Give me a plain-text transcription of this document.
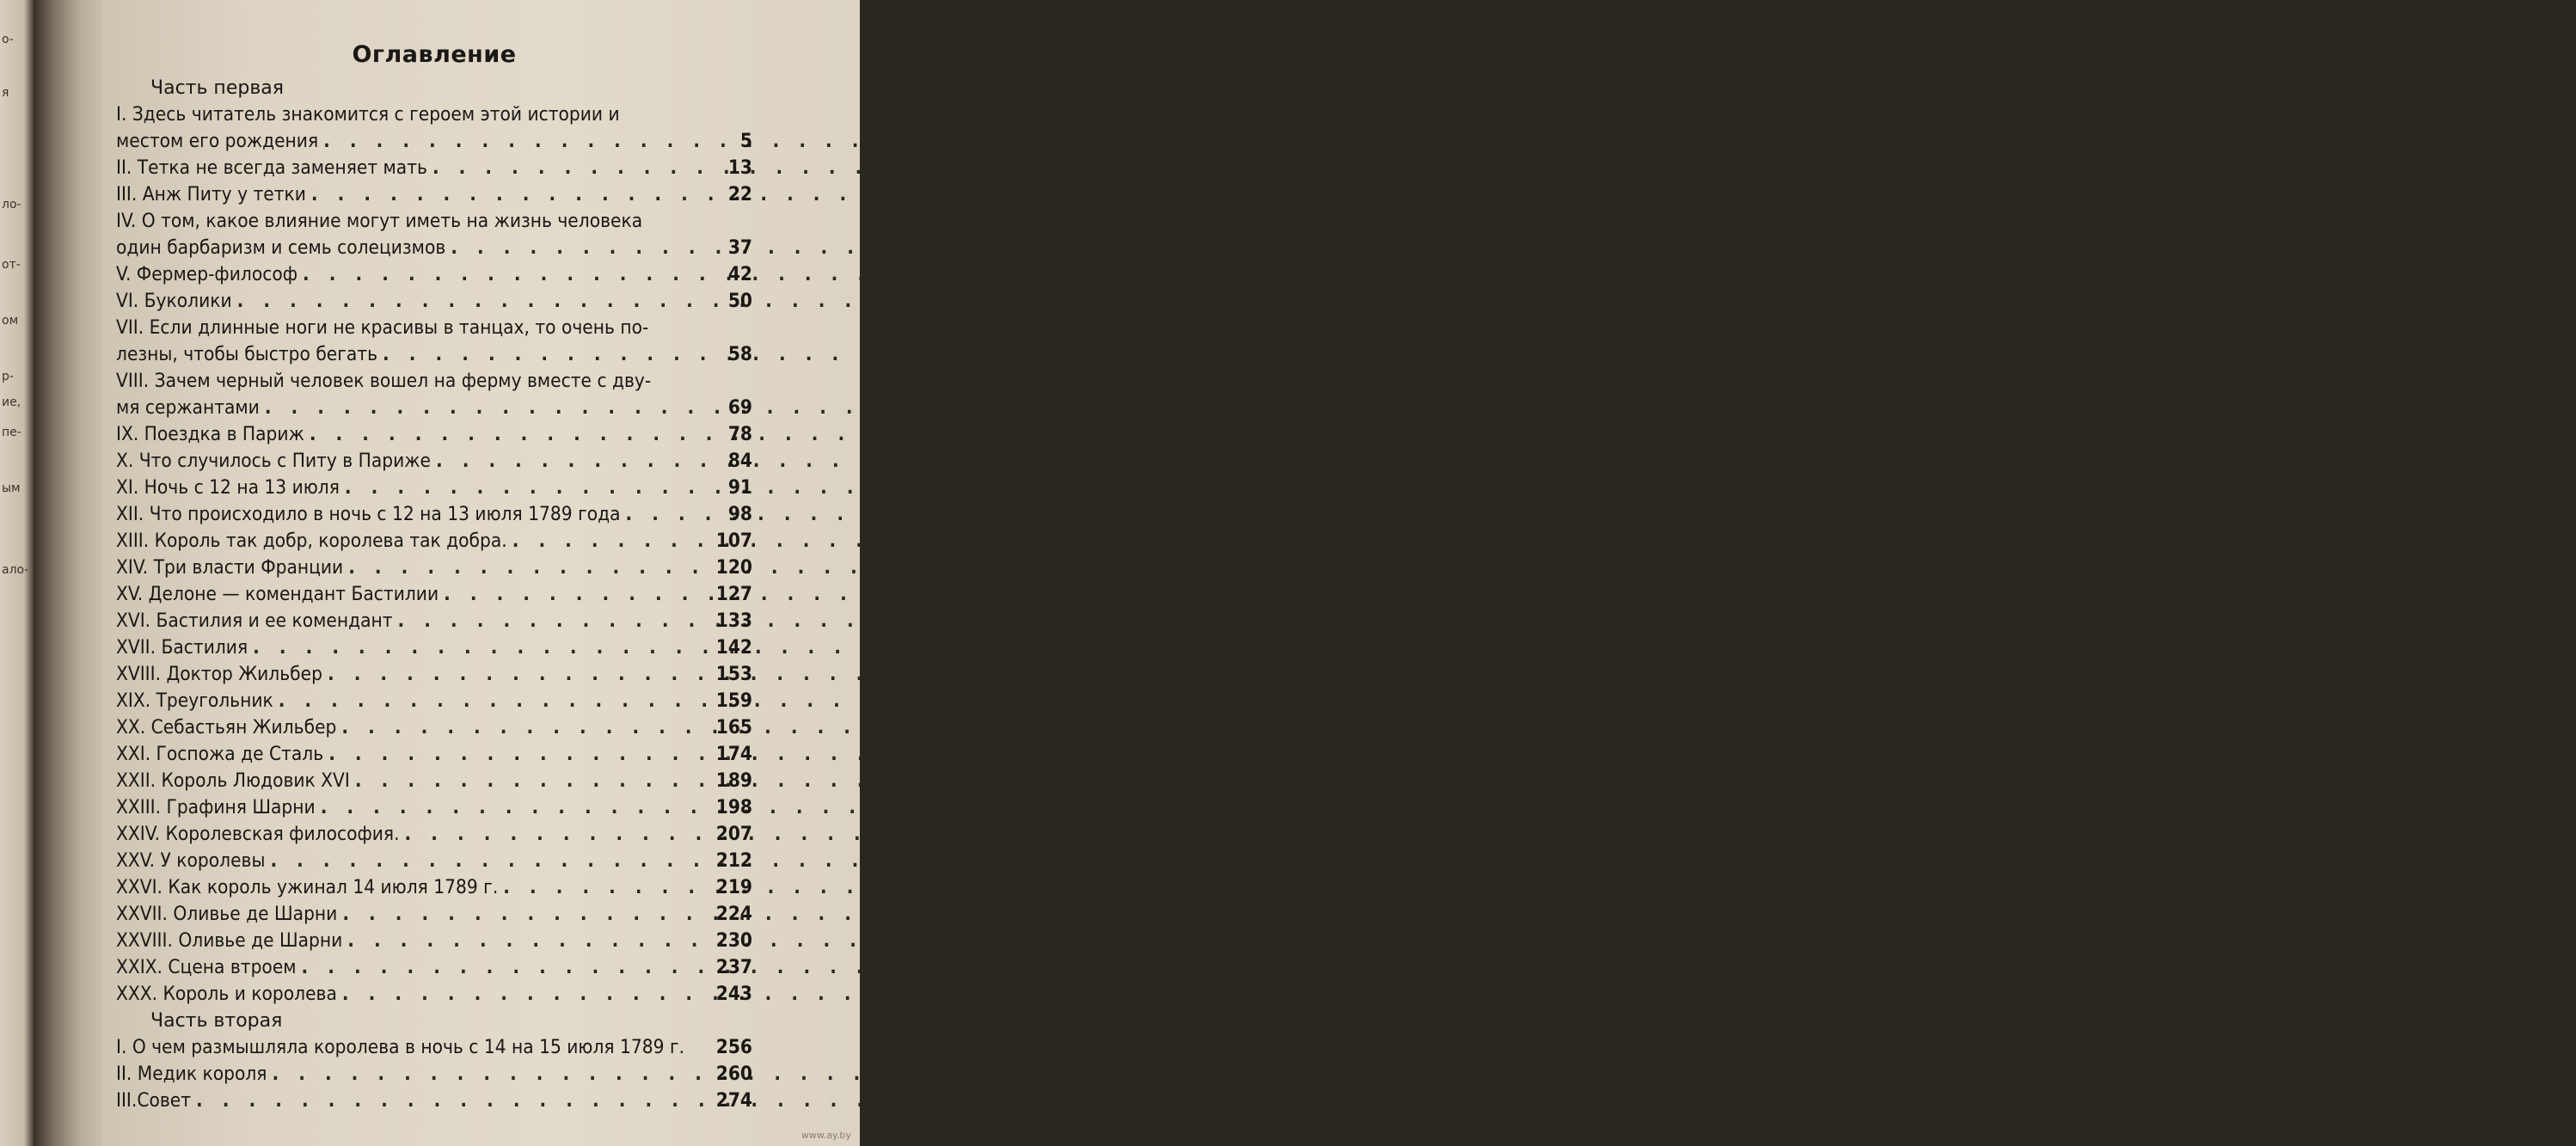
о-
я
ло-
от-
ом
р-
ие,
пе-
ым
ало-
Оглавление
Часть первая
I. Здесь читатель знакомится с героем этой истории и
местом его рождения . . .	5
II. Тетка не всегда заменяет мать . . .	13
III. Анж Питу у тетки . . .	22
IV. О том, какое влияние могут иметь на жизнь человека
один барбаризм и семь солецизмов . . .	37
V. Фермер-философ . . .	42
VI. Буколики . . .	50
VII. Если длинные ноги не красивы в танцах, то очень по-
лезны, чтобы быстро бегать . . .	58
VIII. Зачем черный человек вошел на ферму вместе с дву-
мя сержантами . . .	69
IX. Поездка в Париж . . .	78
X. Что случилось с Питу в Париже . . .	84
XI. Ночь с 12 на 13 июля . . .	91
XII. Что происходило в ночь с 12 на 13 июля 1789 года . . .	98
XIII. Король так добр, королева так добра. . . .	107
XIV. Три власти Франции . . .	120
XV. Делоне — комендант Бастилии . . .	127
XVI. Бастилия и ее комендант . . .	133
XVII. Бастилия . . .	142
XVIII. Доктор Жильбер . . .	153
XIX. Треугольник . . .	159
XX. Себастьян Жильбер . . .	165
XXI. Госпожа де Сталь . . .	174
XXII. Король Людовик XVI . . .	189
XXIII. Графиня Шарни . . .	198
XXIV. Королевская философия. . . .	207
XXV. У королевы . . .	212
XXVI. Как король ужинал 14 июля 1789 г. . . .	219
XXVII. Оливье де Шарни . . .	224
XXVIII. Оливье де Шарни . . .	230
XXIX. Сцена втроем . . .	237
XXX. Король и королева . . .	243
Часть вторая
I. О чем размышляла королева в ночь с 14 на 15 июля 1789 г. 256
II. Медик короля . . .	260
III.Совет . . .	274
www.ay.by
